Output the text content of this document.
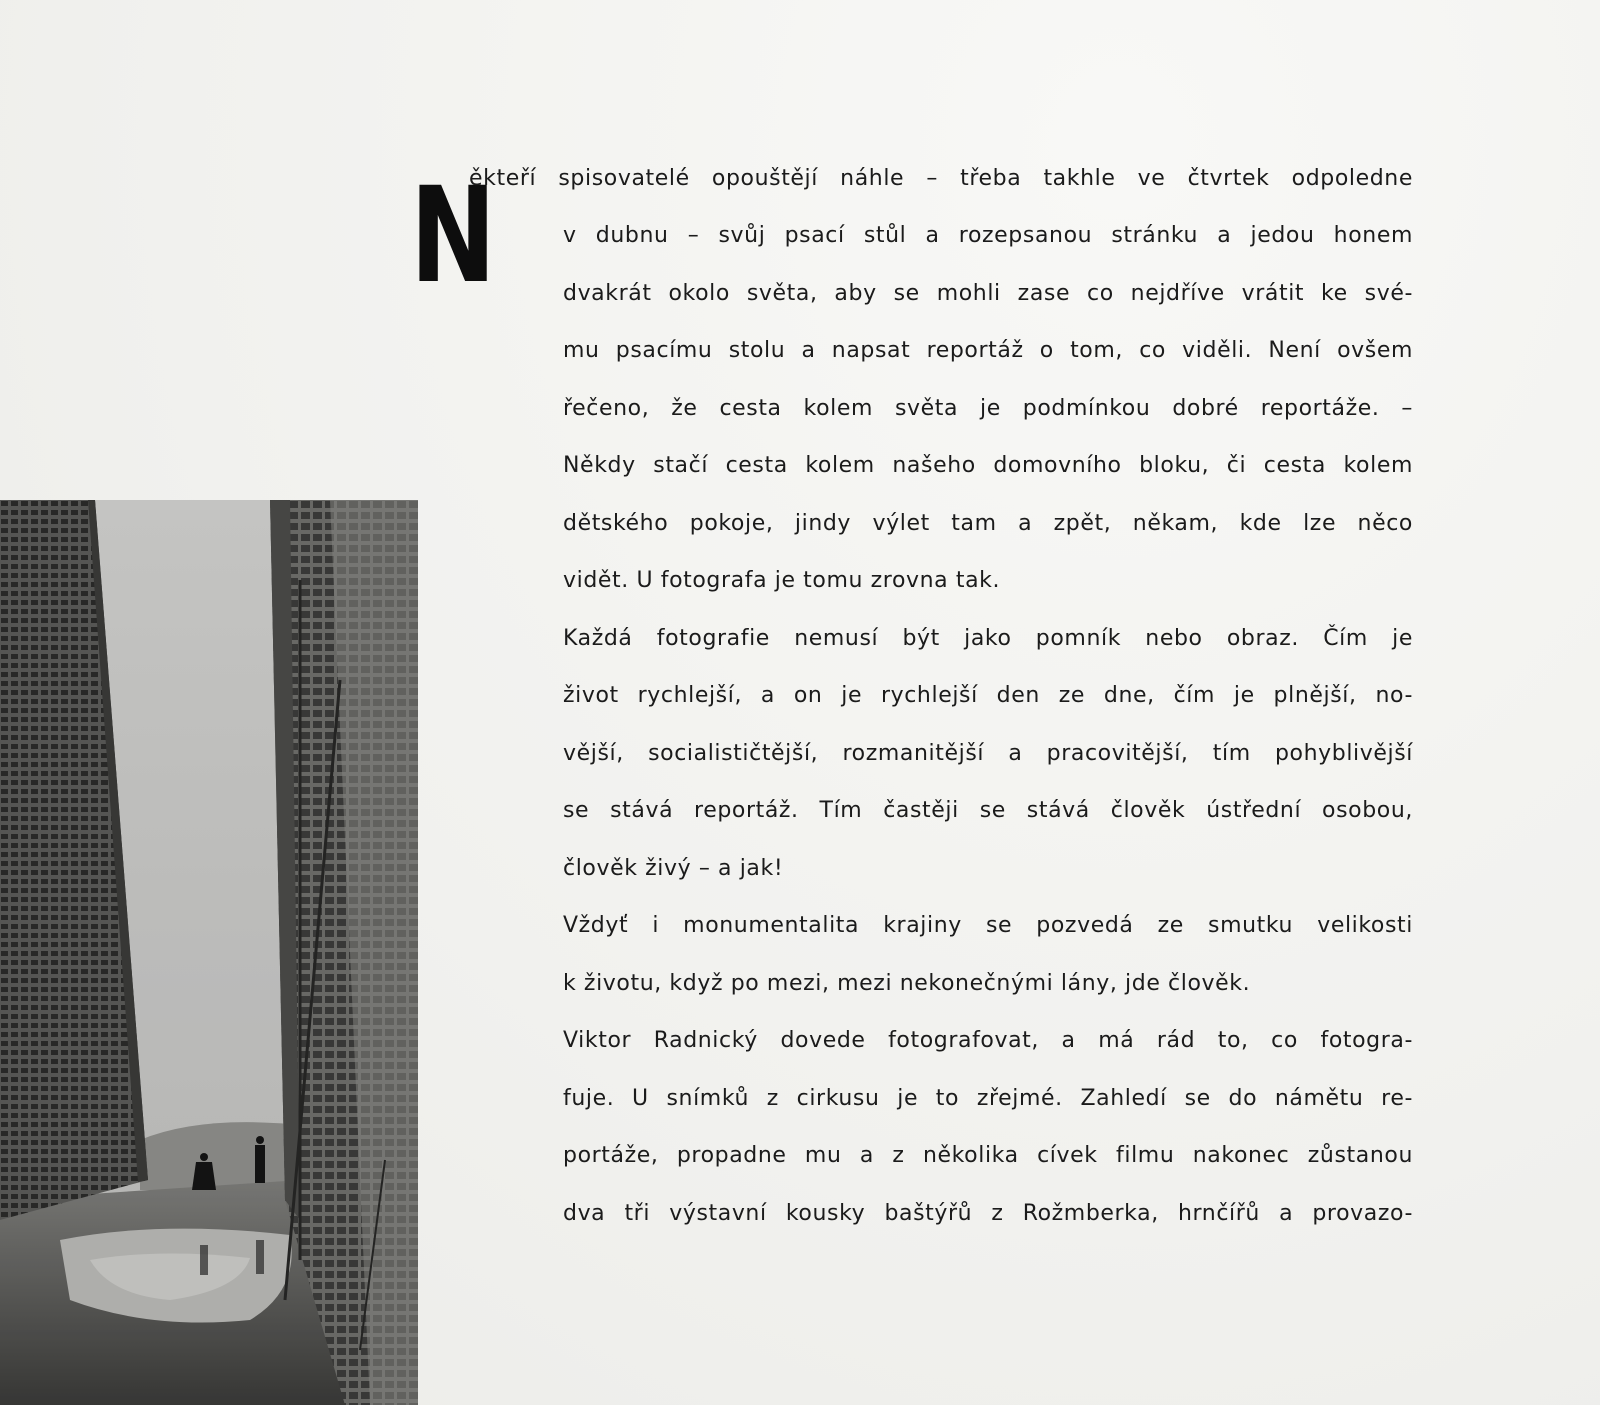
N
ěkteří spisovatelé opouštějí náhle – třeba takhle ve čtvrtek odpoledne
v dubnu – svůj psací stůl a rozepsanou stránku a jedou honem
dvakrát okolo světa, aby se mohli zase co nejdříve vrátit ke své-
mu psacímu stolu a napsat reportáž o tom, co viděli. Není ovšem
řečeno, že cesta kolem světa je podmínkou dobré reportáže. –
Někdy stačí cesta kolem našeho domovního bloku, či cesta kolem
dětského pokoje, jindy výlet tam a zpět, někam, kde lze něco
vidět. U fotografa je tomu zrovna tak.
Každá fotografie nemusí být jako pomník nebo obraz. Čím je
život rychlejší, a on je rychlejší den ze dne, čím je plnější, no-
vější, socialističtější, rozmanitější a pracovitější, tím pohyblivější
se stává reportáž. Tím častěji se stává člověk ústřední osobou,
člověk živý – a jak!
Vždyť i monumentalita krajiny se pozvedá ze smutku velikosti
k životu, když po mezi, mezi nekonečnými lány, jde člověk.
Viktor Radnický dovede fotografovat, a má rád to, co fotogra-
fuje. U snímků z cirkusu je to zřejmé. Zahledí se do námětu re-
portáže, propadne mu a z několika cívek filmu nakonec zůstanou
dva tři výstavní kousky baštýřů z Rožmberka, hrnčířů a provazo-
